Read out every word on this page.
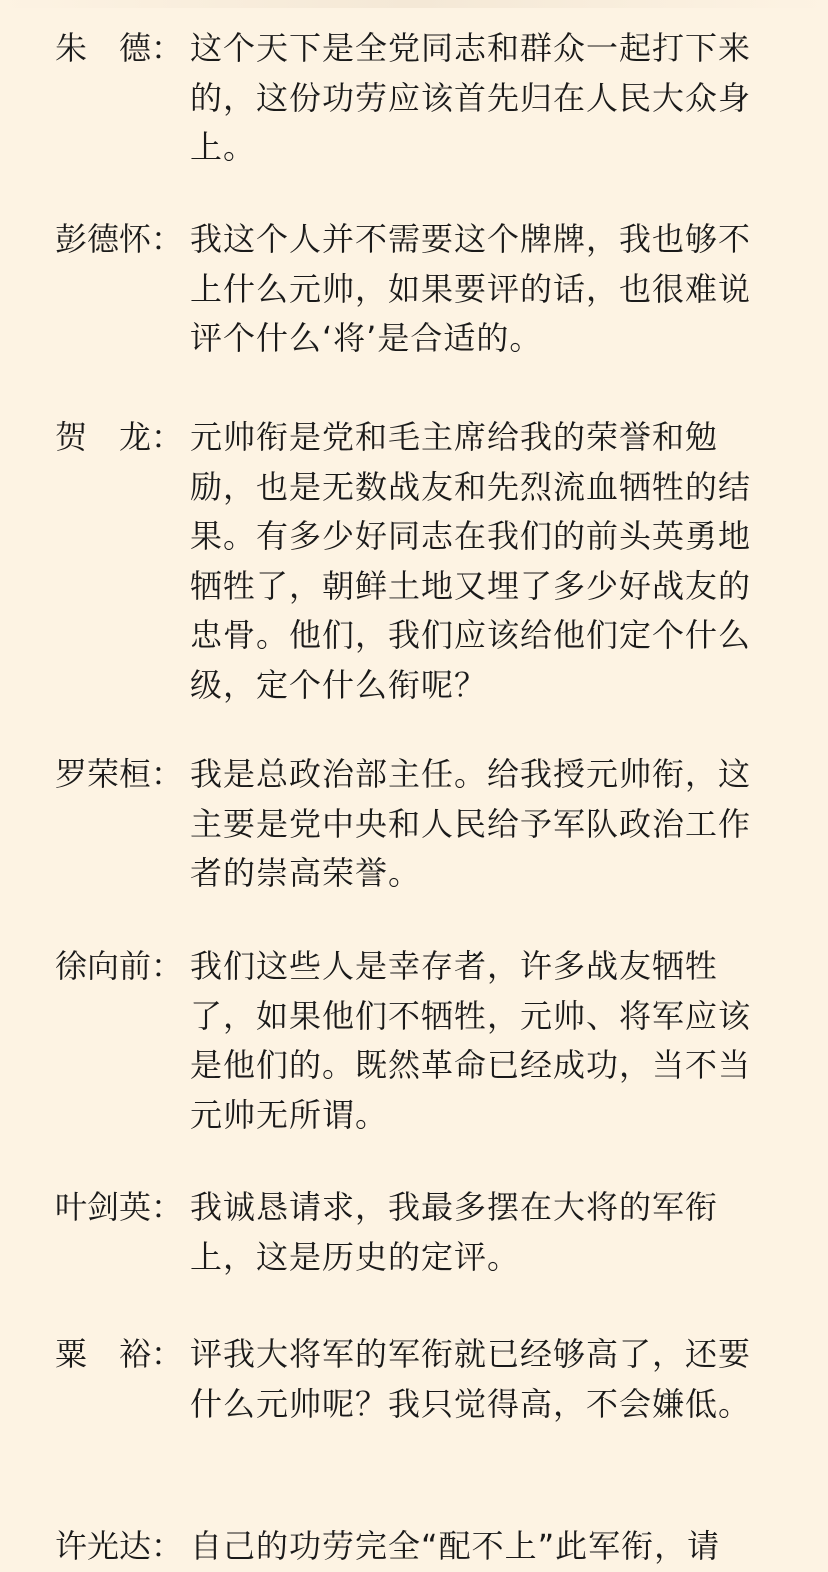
朱　德： 这个天下是全党同志和群众一起打下来的，这份功劳应该首先归在人民大众身上。
彭德怀： 我这个人并不需要这个牌牌，我也够不上什么元帅，如果要评的话，也很难说评个什么‘将’是合适的。
贺　龙： 元帅衔是党和毛主席给我的荣誉和勉励，也是无数战友和先烈流血牺牲的结果。有多少好同志在我们的前头英勇地牺牲了，朝鲜土地又埋了多少好战友的忠骨。他们，我们应该给他们定个什么级，定个什么衔呢？
罗荣桓： 我是总政治部主任。给我授元帅衔，这主要是党中央和人民给予军队政治工作者的崇高荣誉。
徐向前： 我们这些人是幸存者，许多战友牺牲了，如果他们不牺牲，元帅、将军应该是他们的。既然革命已经成功，当不当元帅无所谓。
叶剑英： 我诚恳请求，我最多摆在大将的军衔上，这是历史的定评。
粟　裕： 评我大将军的军衔就已经够高了，还要什么元帅呢？我只觉得高，不会嫌低。
许光达： 自己的功劳完全“配不上”此军衔，请
